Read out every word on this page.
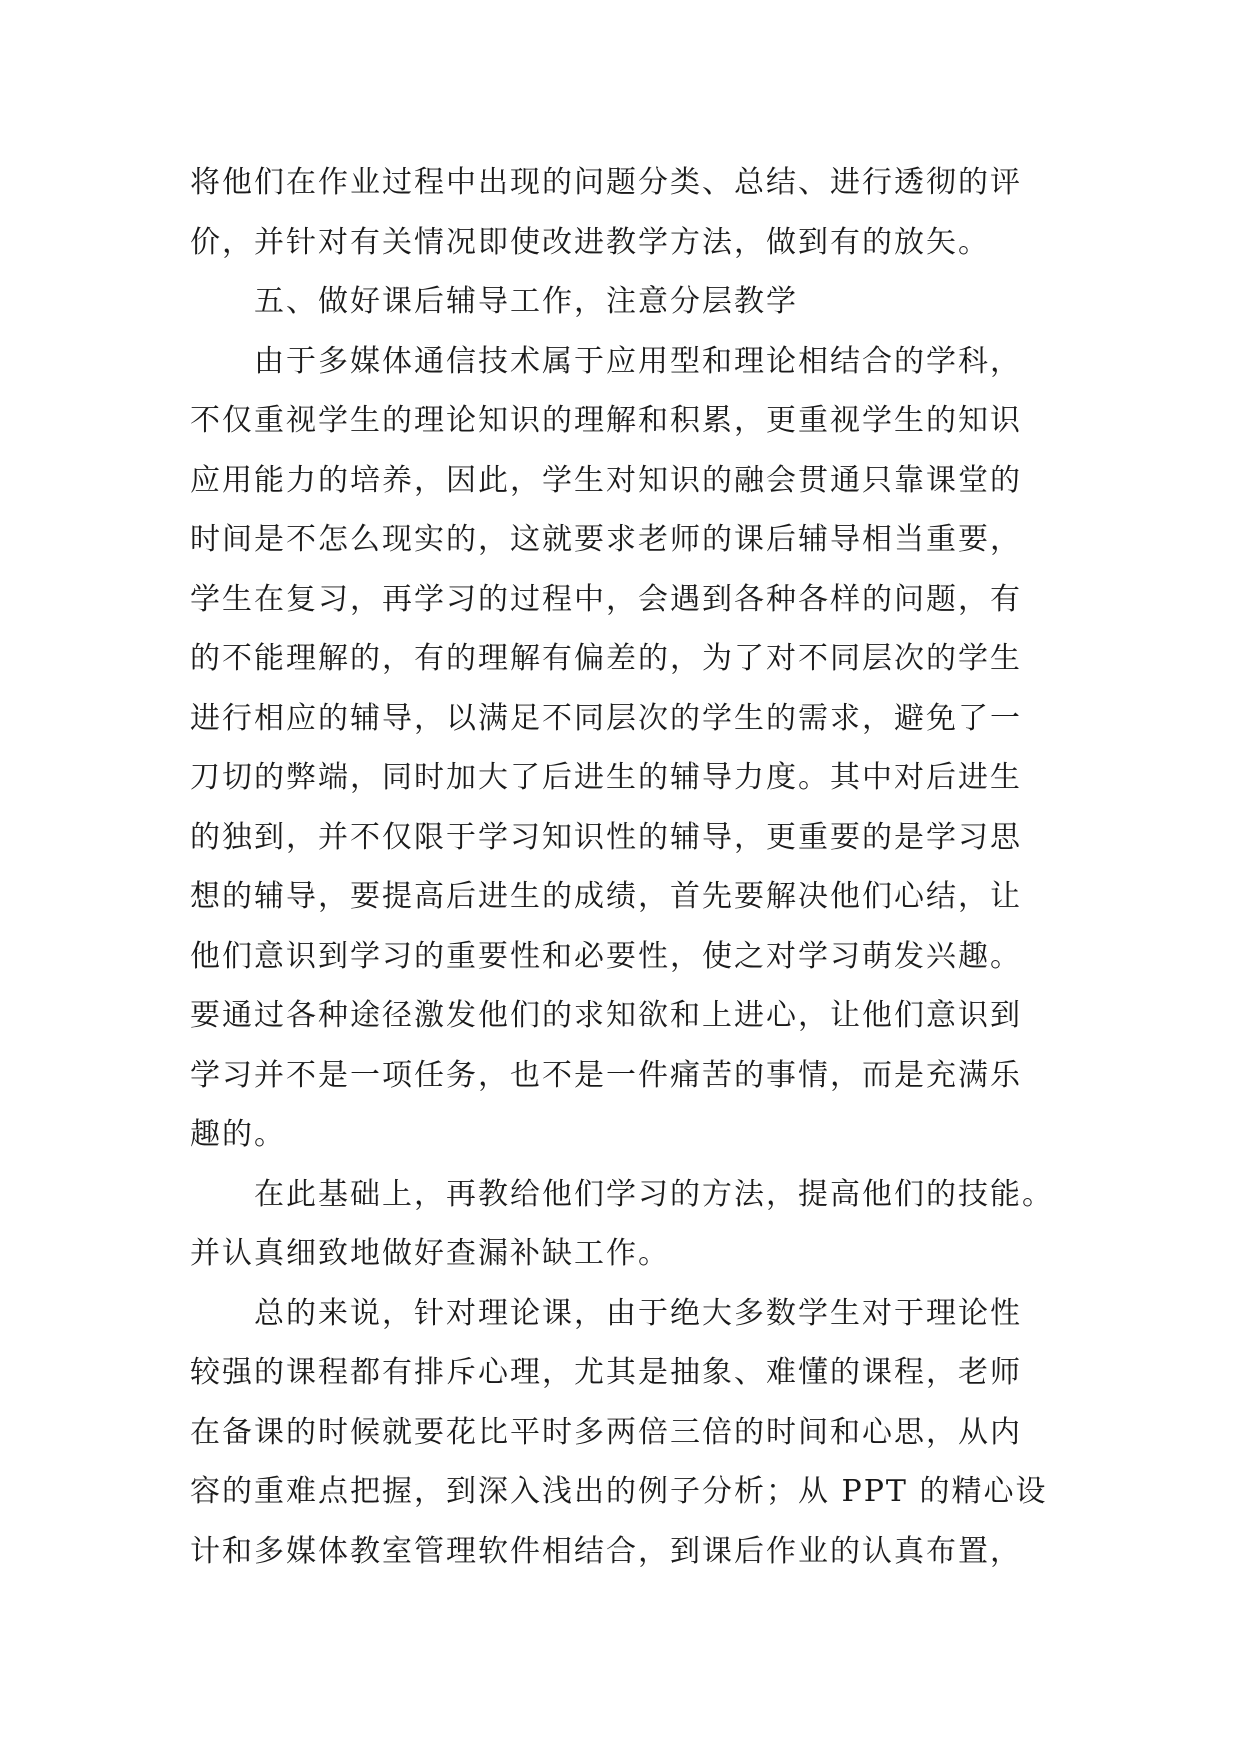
将他们在作业过程中出现的问题分类、总结、进行透彻的评
价，并针对有关情况即使改进教学方法，做到有的放矢。
五、做好课后辅导工作，注意分层教学
由于多媒体通信技术属于应用型和理论相结合的学科，
不仅重视学生的理论知识的理解和积累，更重视学生的知识
应用能力的培养，因此，学生对知识的融会贯通只靠课堂的
时间是不怎么现实的，这就要求老师的课后辅导相当重要，
学生在复习，再学习的过程中，会遇到各种各样的问题，有
的不能理解的，有的理解有偏差的，为了对不同层次的学生
进行相应的辅导，以满足不同层次的学生的需求，避免了一
刀切的弊端，同时加大了后进生的辅导力度。其中对后进生
的独到，并不仅限于学习知识性的辅导，更重要的是学习思
想的辅导，要提高后进生的成绩，首先要解决他们心结，让
他们意识到学习的重要性和必要性，使之对学习萌发兴趣。
要通过各种途径激发他们的求知欲和上进心，让他们意识到
学习并不是一项任务，也不是一件痛苦的事情，而是充满乐
趣的。
在此基础上，再教给他们学习的方法，提高他们的技能。
并认真细致地做好查漏补缺工作。
总的来说，针对理论课，由于绝大多数学生对于理论性
较强的课程都有排斥心理，尤其是抽象、难懂的课程，老师
在备课的时候就要花比平时多两倍三倍的时间和心思，从内
容的重难点把握，到深入浅出的例子分析；从 PPT 的精心设
计和多媒体教室管理软件相结合，到课后作业的认真布置，
